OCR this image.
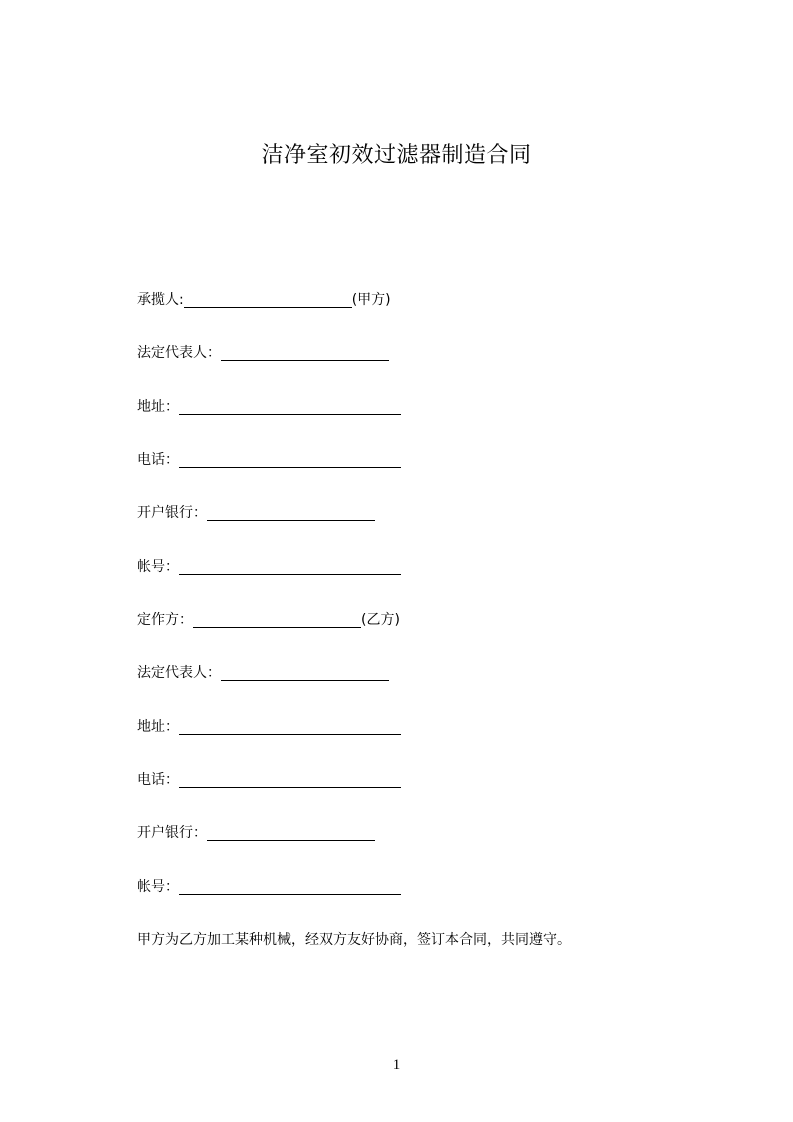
洁净室初效过滤器制造合同
承揽人:	(甲方)
法定代表人：
地址：
电话：
开户银行：
帐号：
定作方：	(乙方)
法定代表人：
地址：
电话：
开户银行：
帐号：
甲方为乙方加工某种机械，经双方友好协商，签订本合同，共同遵守。
1
